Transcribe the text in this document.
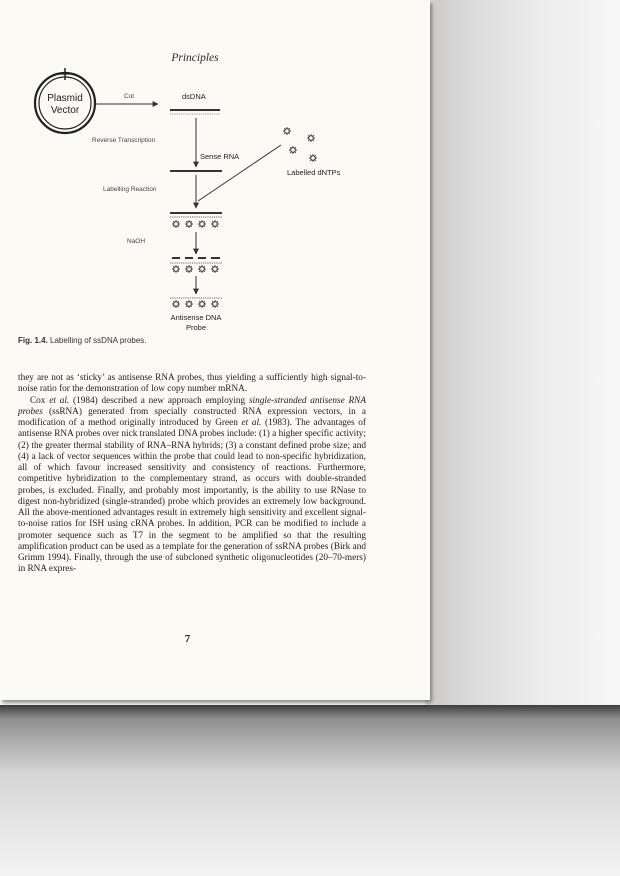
Principles
Plasmid
Vector
Cut	dsDNA
Reverse Transcription
Sense RNA
Labelling Reaction
Labelled dNTPs
NaOH
Antisense DNA
Probe
Fig. 1.4. Labelling of ssDNA probes.

they are not as ‘sticky’ as antisense RNA probes, thus yielding a sufficiently high signal-to-noise ratio for the demonstration of low copy number mRNA.

Cox et al. (1984) described a new approach employing single-stranded antisense RNA probes (ssRNA) generated from specially constructed RNA expression vectors, in a modification of a method originally introduced by Green et al. (1983). The advantages of antisense RNA probes over nick translated DNA probes include: (1) a higher specific activity; (2) the greater thermal stability of RNA–RNA hybrids; (3) a constant defined probe size; and (4) a lack of vector sequences within the probe that could lead to non-specific hybridization, all of which favour increased sensitivity and consistency of reactions. Furthermore, competitive hybridization to the complementary strand, as occurs with double-stranded probes, is excluded. Finally, and probably most importantly, is the ability to use RNase to digest non-hybridized (single-stranded) probe which provides an extremely low background. All the above-mentioned advantages result in extremely high sensitivity and excellent signal-to-noise ratios for ISH using cRNA probes. In addition, PCR can be modified to include a promoter sequence such as T7 in the segment to be amplified so that the resulting amplification product can be used as a template for the generation of ssRNA probes (Birk and Grimm 1994). Finally, through the use of subcloned synthetic oligonucleotides (20–70-mers) in RNA expres-

7
